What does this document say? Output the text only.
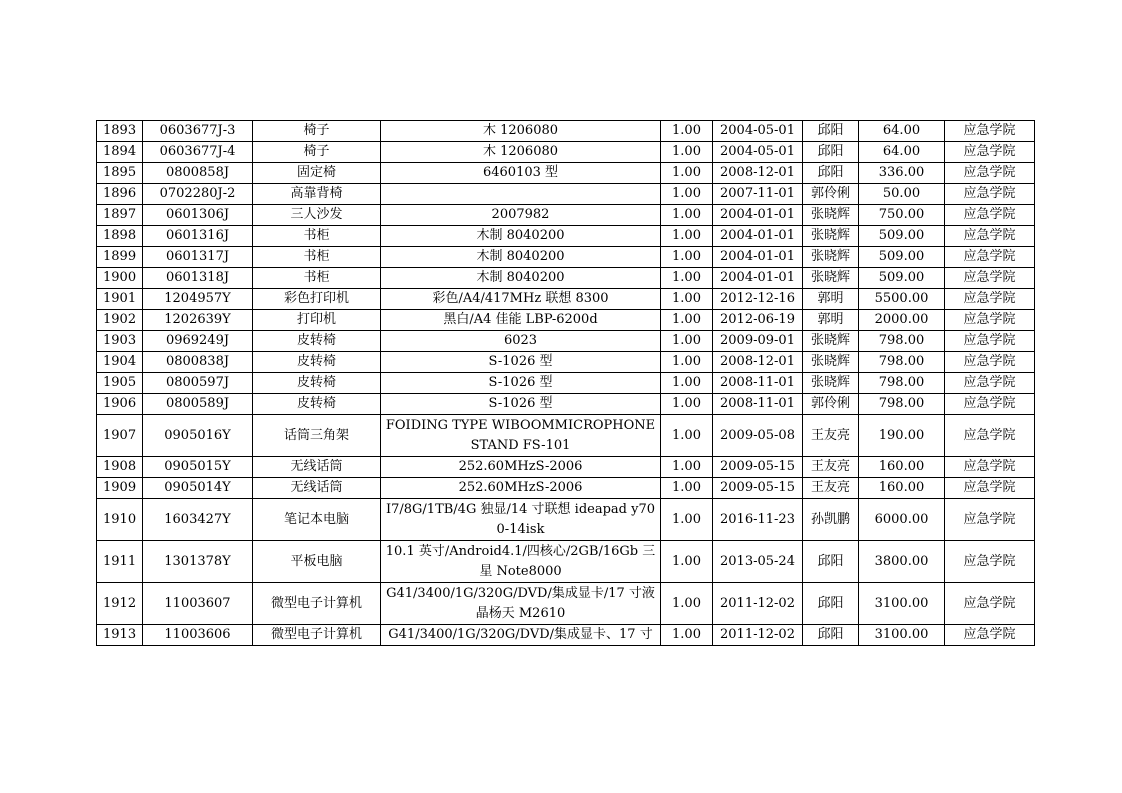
1893	0603677J-3	椅子	木 1206080	1.00	2004-05-01	邱阳	64.00	应急学院
1894	0603677J-4	椅子	木 1206080	1.00	2004-05-01	邱阳	64.00	应急学院
1895	0800858J	固定椅	6460103 型	1.00	2008-12-01	邱阳	336.00	应急学院
1896	0702280J-2	高靠背椅		1.00	2007-11-01	郭伶俐	50.00	应急学院
1897	0601306J	三人沙发	2007982	1.00	2004-01-01	张晓辉	750.00	应急学院
1898	0601316J	书柜	木制 8040200	1.00	2004-01-01	张晓辉	509.00	应急学院
1899	0601317J	书柜	木制 8040200	1.00	2004-01-01	张晓辉	509.00	应急学院
1900	0601318J	书柜	木制 8040200	1.00	2004-01-01	张晓辉	509.00	应急学院
1901	1204957Y	彩色打印机	彩色/A4/417MHz 联想 8300	1.00	2012-12-16	郭明	5500.00	应急学院
1902	1202639Y	打印机	黑白/A4 佳能 LBP-6200d	1.00	2012-06-19	郭明	2000.00	应急学院
1903	0969249J	皮转椅	6023	1.00	2009-09-01	张晓辉	798.00	应急学院
1904	0800838J	皮转椅	S-1026 型	1.00	2008-12-01	张晓辉	798.00	应急学院
1905	0800597J	皮转椅	S-1026 型	1.00	2008-11-01	张晓辉	798.00	应急学院
1906	0800589J	皮转椅	S-1026 型	1.00	2008-11-01	郭伶俐	798.00	应急学院
1907	0905016Y	话筒三角架	FOIDING TYPE WIBOOMMICROPHONE STAND FS-101	1.00	2009-05-08	王友亮	190.00	应急学院
1908	0905015Y	无线话筒	252.60MHzS-2006	1.00	2009-05-15	王友亮	160.00	应急学院
1909	0905014Y	无线话筒	252.60MHzS-2006	1.00	2009-05-15	王友亮	160.00	应急学院
1910	1603427Y	笔记本电脑	I7/8G/1TB/4G 独显/14 寸联想 ideapad y700-14isk	1.00	2016-11-23	孙凯鹏	6000.00	应急学院
1911	1301378Y	平板电脑	10.1 英寸/Android4.1/四核心/2GB/16Gb 三星 Note8000	1.00	2013-05-24	邱阳	3800.00	应急学院
1912	11003607	微型电子计算机	G41/3400/1G/320G/DVD/集成显卡/17 寸液晶杨天 M2610	1.00	2011-12-02	邱阳	3100.00	应急学院
1913	11003606	微型电子计算机	G41/3400/1G/320G/DVD/集成显卡、17 寸	1.00	2011-12-02	邱阳	3100.00	应急学院
